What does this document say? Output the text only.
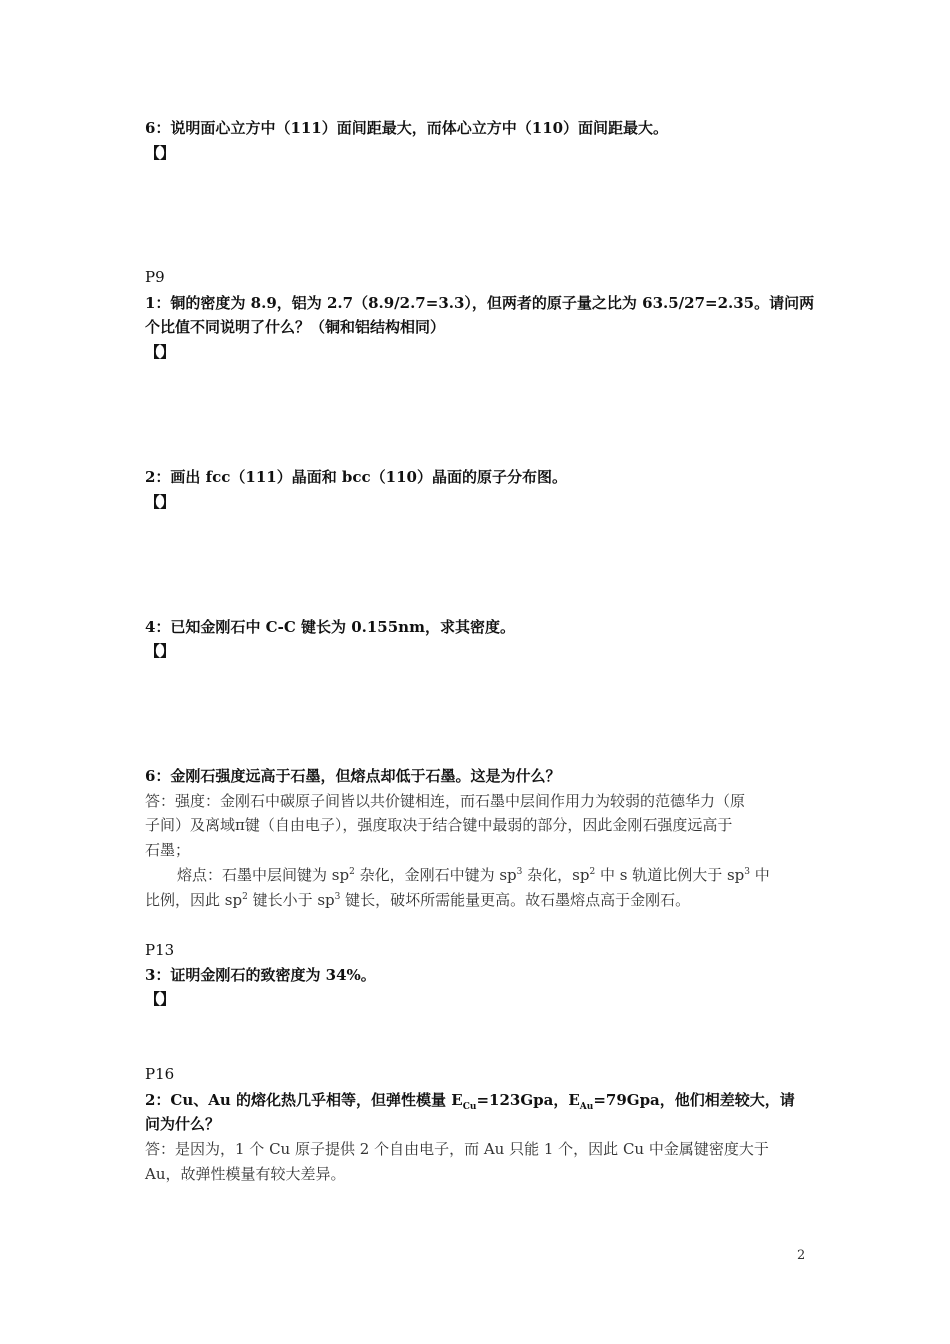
6：说明面心立方中（111）面间距最大，而体心立方中（110）面间距最大。
【】
P9
1：铜的密度为 8.9，铝为 2.7（8.9/2.7=3.3），但两者的原子量之比为 63.5/27=2.35。请问两
个比值不同说明了什么？（铜和铝结构相同）
【】
2：画出 fcc（111）晶面和 bcc（110）晶面的原子分布图。
【】
4：已知金刚石中 C-C 键长为 0.155nm，求其密度。
【】
6：金刚石强度远高于石墨，但熔点却低于石墨。这是为什么？
答：强度：金刚石中碳原子间皆以共价键相连，而石墨中层间作用力为较弱的范德华力（原
子间）及离域π键（自由电子），强度取决于结合键中最弱的部分，因此金刚石强度远高于
石墨；
熔点：石墨中层间键为 $sp^2$ 杂化，金刚石中键为 $sp^3$ 杂化，$sp^2$ 中 s 轨道比例大于 $sp^3$ 中
比例，因此 $sp^2$ 键长小于 $sp^3$ 键长，破坏所需能量更高。故石墨熔点高于金刚石。
P13
3：证明金刚石的致密度为 34%。
【】
P16
2：Cu、Au 的熔化热几乎相等，但弹性模量 $E_{Cu}=123Gpa$，$E_{Au}=79Gpa$，他们相差较大，请
问为什么？
答：是因为，1 个 Cu 原子提供 2 个自由电子，而 Au 只能 1 个，因此 Cu 中金属键密度大于
Au，故弹性模量有较大差异。
2
